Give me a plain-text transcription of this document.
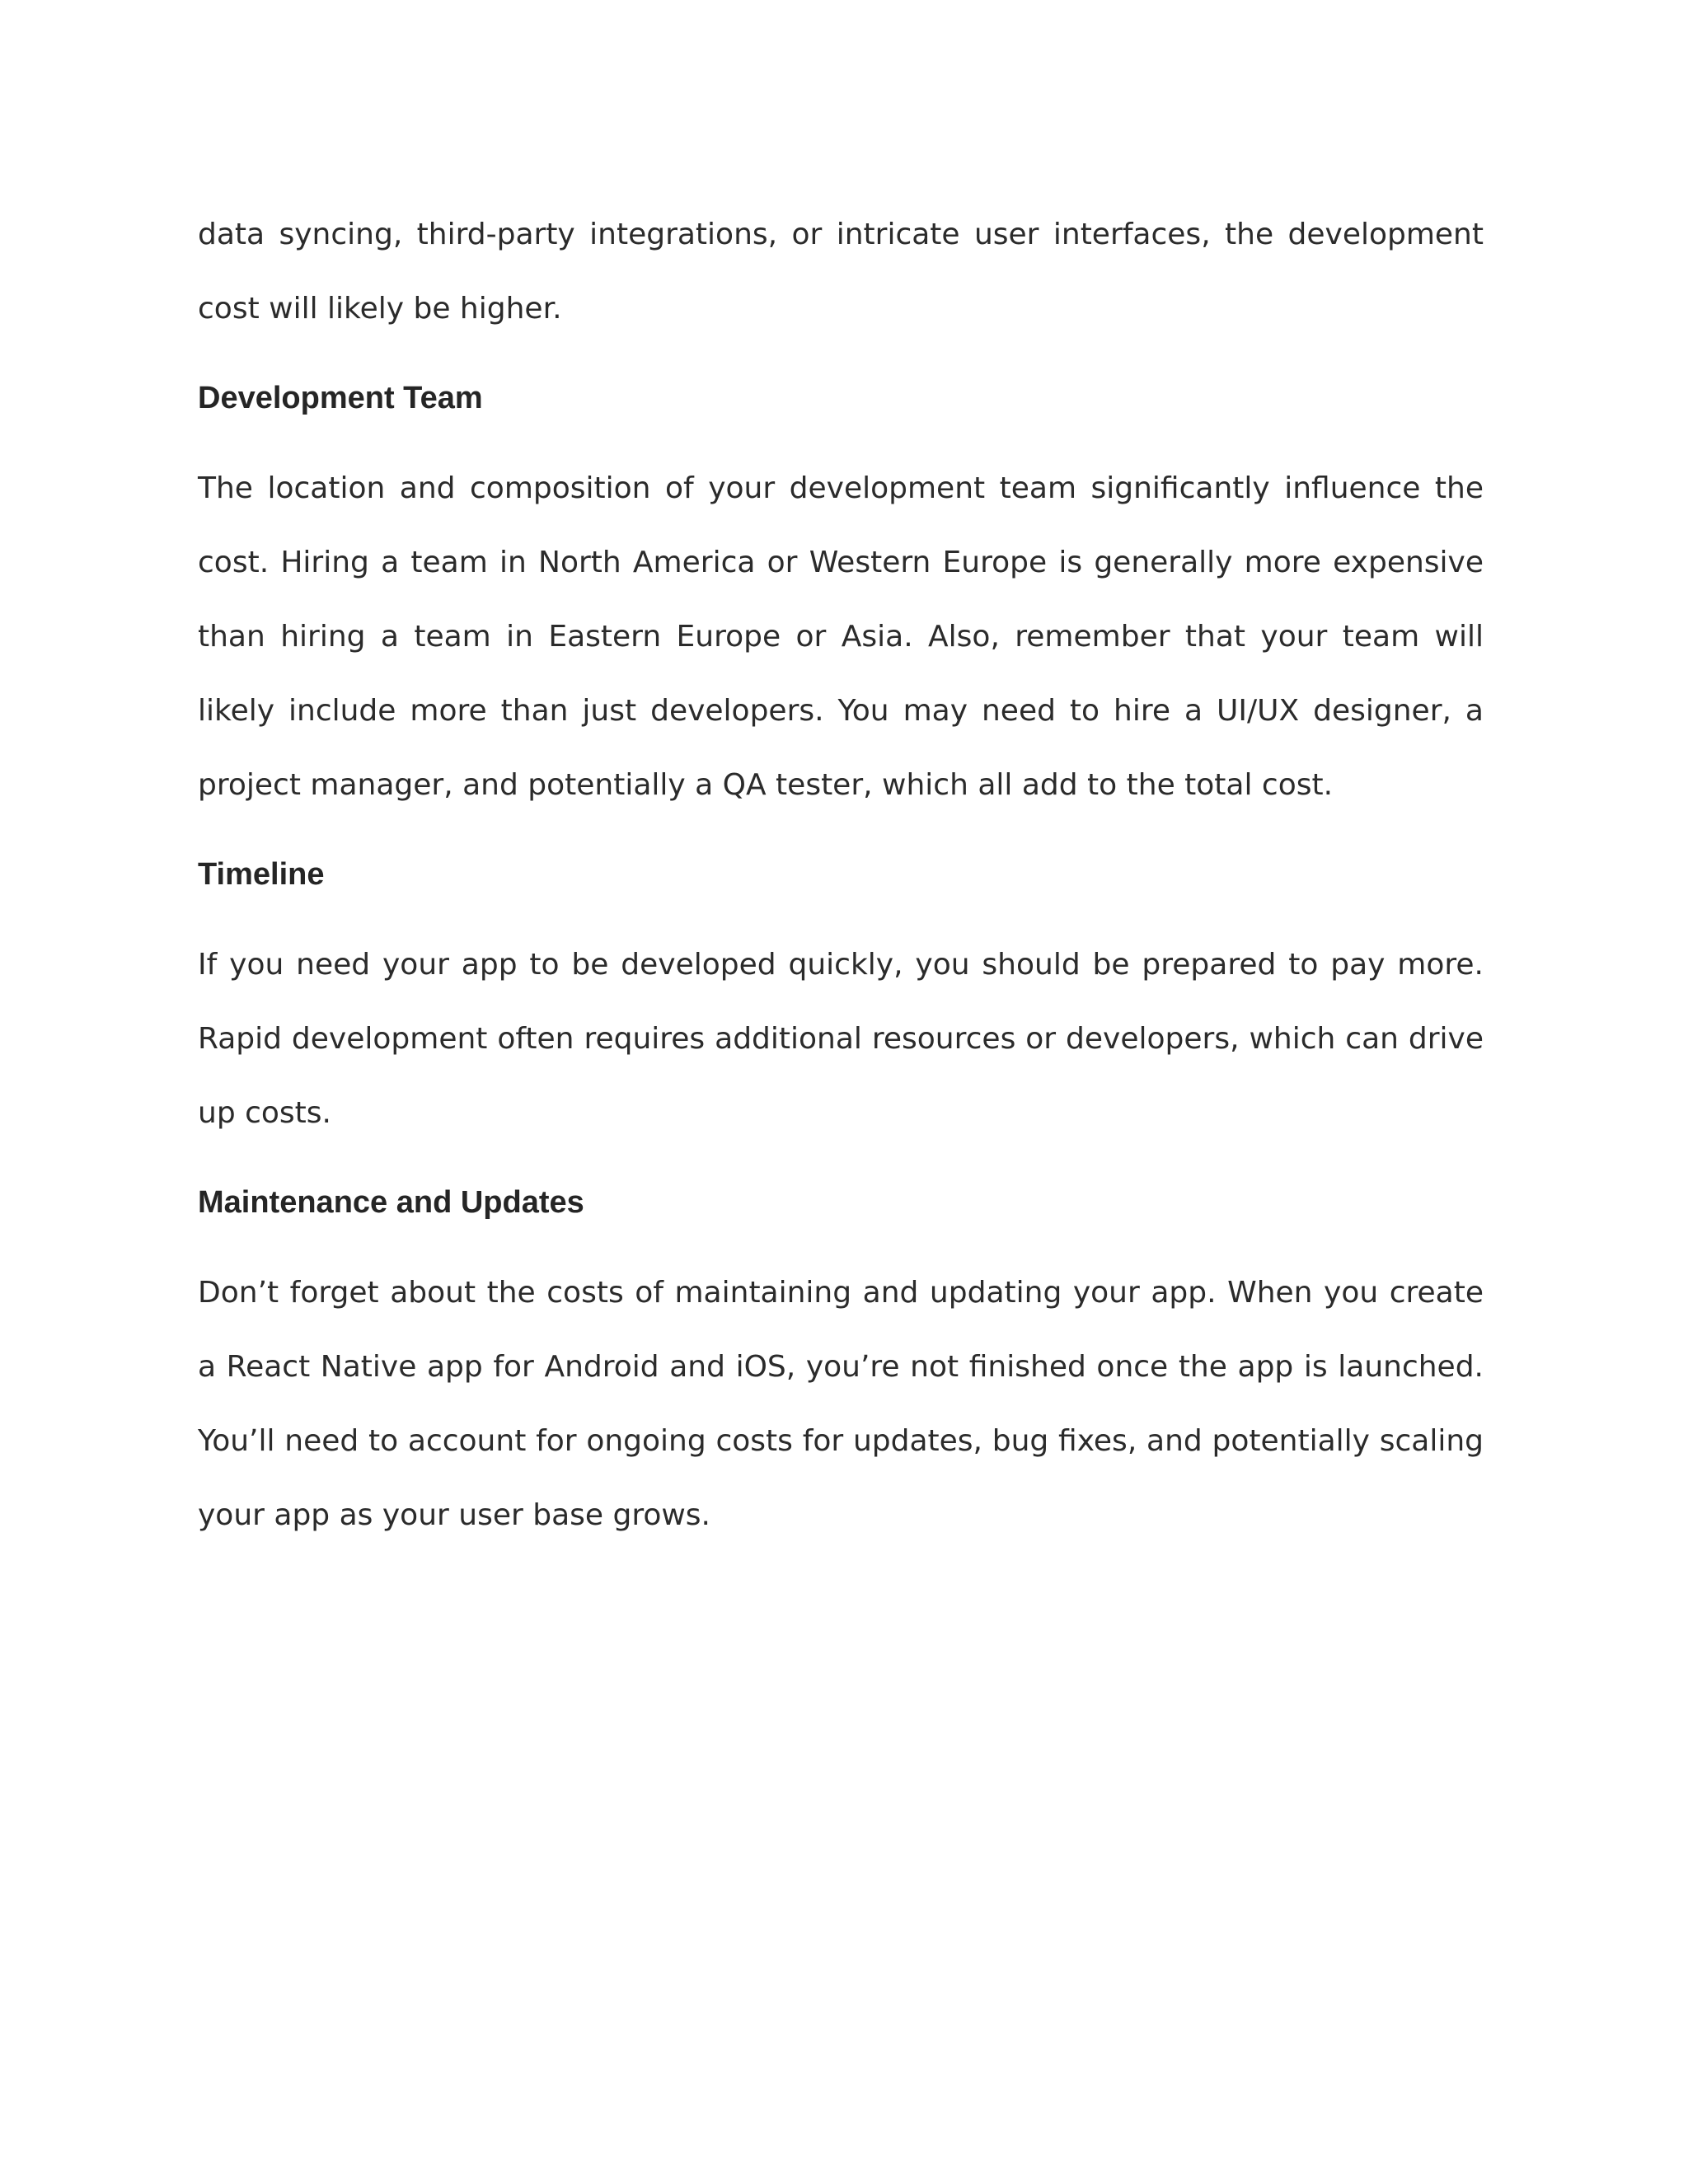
data syncing, third-party integrations, or intricate user interfaces, the development cost will likely be higher.

Development Team

The location and composition of your development team significantly influence the cost. Hiring a team in North America or Western Europe is generally more expensive than hiring a team in Eastern Europe or Asia. Also, remember that your team will likely include more than just developers. You may need to hire a UI/UX designer, a project manager, and potentially a QA tester, which all add to the total cost.

Timeline

If you need your app to be developed quickly, you should be prepared to pay more. Rapid development often requires additional resources or developers, which can drive up costs.

Maintenance and Updates

Don’t forget about the costs of maintaining and updating your app. When you create a React Native app for Android and iOS, you’re not finished once the app is launched. You’ll need to account for ongoing costs for updates, bug fixes, and potentially scaling your app as your user base grows.
